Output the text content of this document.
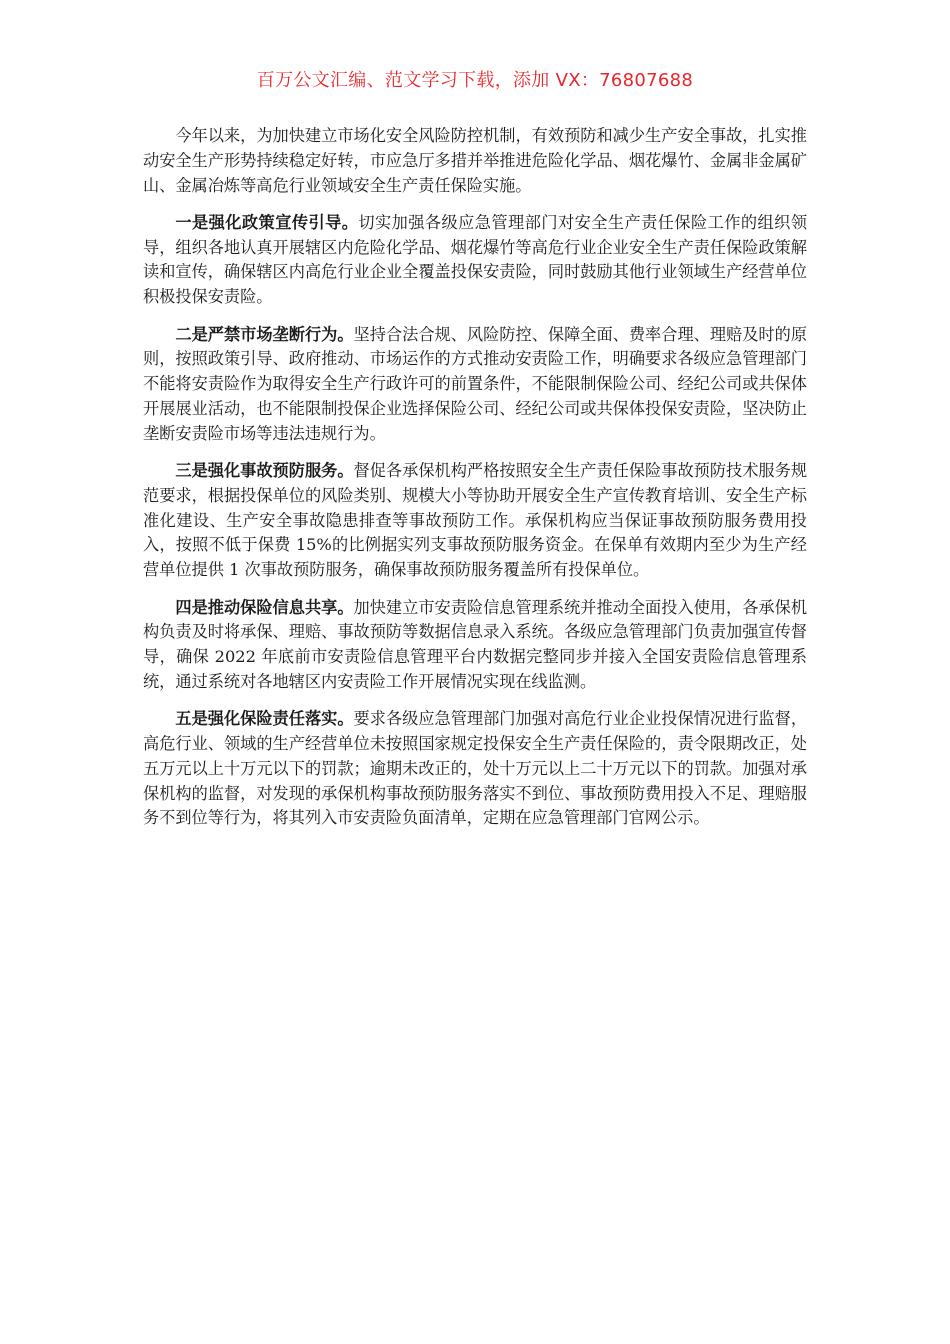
百万公文汇编、范文学习下载，添加 VX：76807688

今年以来，为加快建立市场化安全风险防控机制，有效预防和减少生产安全事故，扎实推动安全生产形势持续稳定好转，市应急厅多措并举推进危险化学品、烟花爆竹、金属非金属矿山、金属冶炼等高危行业领域安全生产责任保险实施。

一是强化政策宣传引导。切实加强各级应急管理部门对安全生产责任保险工作的组织领导，组织各地认真开展辖区内危险化学品、烟花爆竹等高危行业企业安全生产责任保险政策解读和宣传，确保辖区内高危行业企业全覆盖投保安责险，同时鼓励其他行业领域生产经营单位积极投保安责险。

二是严禁市场垄断行为。坚持合法合规、风险防控、保障全面、费率合理、理赔及时的原则，按照政策引导、政府推动、市场运作的方式推动安责险工作，明确要求各级应急管理部门不能将安责险作为取得安全生产行政许可的前置条件，不能限制保险公司、经纪公司或共保体开展展业活动，也不能限制投保企业选择保险公司、经纪公司或共保体投保安责险，坚决防止垄断安责险市场等违法违规行为。

三是强化事故预防服务。督促各承保机构严格按照安全生产责任保险事故预防技术服务规范要求，根据投保单位的风险类别、规模大小等协助开展安全生产宣传教育培训、安全生产标准化建设、生产安全事故隐患排查等事故预防工作。承保机构应当保证事故预防服务费用投入，按照不低于保费 15%的比例据实列支事故预防服务资金。在保单有效期内至少为生产经营单位提供 1 次事故预防服务，确保事故预防服务覆盖所有投保单位。

四是推动保险信息共享。加快建立市安责险信息管理系统并推动全面投入使用，各承保机构负责及时将承保、理赔、事故预防等数据信息录入系统。各级应急管理部门负责加强宣传督导，确保 2022 年底前市安责险信息管理平台内数据完整同步并接入全国安责险信息管理系统，通过系统对各地辖区内安责险工作开展情况实现在线监测。

五是强化保险责任落实。要求各级应急管理部门加强对高危行业企业投保情况进行监督，高危行业、领域的生产经营单位未按照国家规定投保安全生产责任保险的，责令限期改正，处五万元以上十万元以下的罚款；逾期未改正的，处十万元以上二十万元以下的罚款。加强对承保机构的监督，对发现的承保机构事故预防服务落实不到位、事故预防费用投入不足、理赔服务不到位等行为，将其列入市安责险负面清单，定期在应急管理部门官网公示。
